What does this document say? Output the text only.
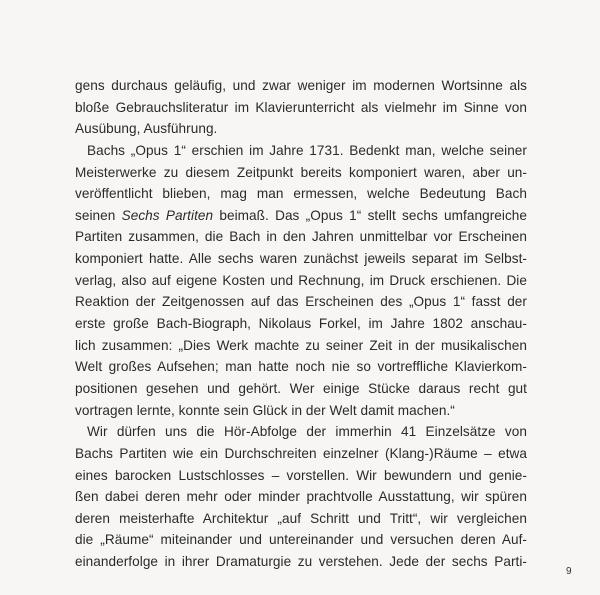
gens durchaus geläufig, und zwar weniger im modernen Wortsinne als
bloße Gebrauchsliteratur im Klavierunterricht als vielmehr im Sinne von
Ausübung, Ausführung.
Bachs „Opus 1“ erschien im Jahre 1731. Bedenkt man, welche seiner
Meisterwerke zu diesem Zeitpunkt bereits komponiert waren, aber un-
veröffentlicht blieben, mag man ermessen, welche Bedeutung Bach
seinen Sechs Partiten beimaß. Das „Opus 1“ stellt sechs umfangreiche
Partiten zusammen, die Bach in den Jahren unmittelbar vor Erscheinen
komponiert hatte. Alle sechs waren zunächst jeweils separat im Selbst-
verlag, also auf eigene Kosten und Rechnung, im Druck erschienen. Die
Reaktion der Zeitgenossen auf das Erscheinen des „Opus 1“ fasst der
erste große Bach-Biograph, Nikolaus Forkel, im Jahre 1802 anschau-
lich zusammen: „Dies Werk machte zu seiner Zeit in der musikalischen
Welt großes Aufsehen; man hatte noch nie so vortreffliche Klavierkom-
positionen gesehen und gehört. Wer einige Stücke daraus recht gut
vortragen lernte, konnte sein Glück in der Welt damit machen.“
Wir dürfen uns die Hör-Abfolge der immerhin 41 Einzelsätze von
Bachs Partiten wie ein Durchschreiten einzelner (Klang-)Räume – etwa
eines barocken Lustschlosses – vorstellen. Wir bewundern und genie-
ßen dabei deren mehr oder minder prachtvolle Ausstattung, wir spüren
deren meisterhafte Architektur „auf Schritt und Tritt“, wir vergleichen
die „Räume“ miteinander und untereinander und versuchen deren Auf-
einanderfolge in ihrer Dramaturgie zu verstehen. Jede der sechs Parti-
9
